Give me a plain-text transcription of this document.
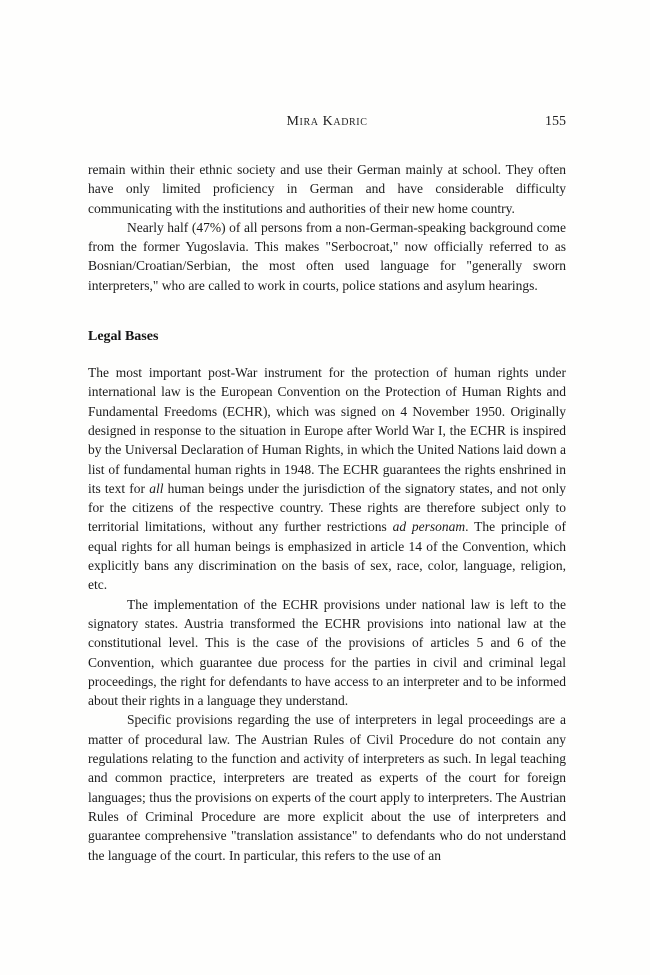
Mira Kadric	155

remain within their ethnic society and use their German mainly at school. They often have only limited proficiency in German and have considerable difficulty communicating with the institutions and authorities of their new home country.

Nearly half (47%) of all persons from a non-German-speaking background come from the former Yugoslavia. This makes "Serbocroat," now officially referred to as Bosnian/Croatian/Serbian, the most often used language for "generally sworn interpreters," who are called to work in courts, police stations and asylum hearings.

Legal Bases

The most important post-War instrument for the protection of human rights under international law is the European Convention on the Protection of Human Rights and Fundamental Freedoms (ECHR), which was signed on 4 November 1950. Originally designed in response to the situation in Europe after World War I, the ECHR is inspired by the Universal Declaration of Human Rights, in which the United Nations laid down a list of fundamental human rights in 1948. The ECHR guarantees the rights enshrined in its text for all human beings under the jurisdiction of the signatory states, and not only for the citizens of the respective country. These rights are therefore subject only to territorial limitations, without any further restrictions ad personam. The principle of equal rights for all human beings is emphasized in article 14 of the Convention, which explicitly bans any discrimination on the basis of sex, race, color, language, religion, etc.

The implementation of the ECHR provisions under national law is left to the signatory states. Austria transformed the ECHR provisions into national law at the constitutional level. This is the case of the provisions of articles 5 and 6 of the Convention, which guarantee due process for the parties in civil and criminal legal proceedings, the right for defendants to have access to an interpreter and to be informed about their rights in a language they understand.

Specific provisions regarding the use of interpreters in legal proceedings are a matter of procedural law. The Austrian Rules of Civil Procedure do not contain any regulations relating to the function and activity of interpreters as such. In legal teaching and common practice, interpreters are treated as experts of the court for foreign languages; thus the provisions on experts of the court apply to interpreters. The Austrian Rules of Criminal Procedure are more explicit about the use of interpreters and guarantee comprehensive "translation assistance" to defendants who do not understand the language of the court. In particular, this refers to the use of an
